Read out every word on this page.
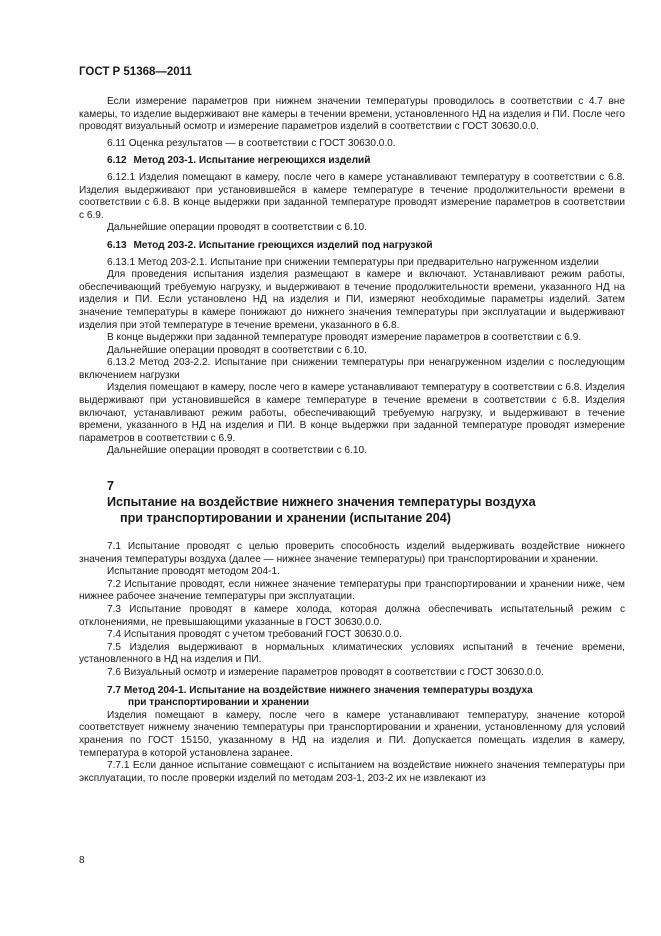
ГОСТ Р 51368—2011

Если измерение параметров при нижнем значении температуры проводилось в соответствии с 4.7 вне камеры, то изделие выдерживают вне камеры в течении времени, установленного НД на изделия и ПИ. После чего проводят визуальный осмотр и измерение параметров изделий в соответствии с ГОСТ 30630.0.0.

6.11 Оценка результатов — в соответствии с ГОСТ 30630.0.0.

6.12 Метод 203-1. Испытание негреющихся изделий

6.12.1 Изделия помещают в камеру, после чего в камере устанавливают температуру в соответствии с 6.8. Изделия выдерживают при установившейся в камере температуре в течение продолжительности времени в соответствии с 6.8. В конце выдержки при заданной температуре проводят измерение параметров в соответствии с 6.9.

Дальнейшие операции проводят в соответствии с 6.10.

6.13 Метод 203-2. Испытание греющихся изделий под нагрузкой

6.13.1 Метод 203-2.1. Испытание при снижении температуры при предварительно нагруженном изделии

Для проведения испытания изделия размещают в камере и включают. Устанавливают режим работы, обеспечивающий требуемую нагрузку, и выдерживают в течение продолжительности времени, указанного НД на изделия и ПИ. Если установлено НД на изделия и ПИ, измеряют необходимые параметры изделий. Затем значение температуры в камере понижают до нижнего значения температуры при эксплуатации и выдерживают изделия при этой температуре в течение времени, указанного в 6.8.

В конце выдержки при заданной температуре проводят измерение параметров в соответствии с 6.9.

Дальнейшие операции проводят в соответствии с 6.10.

6.13.2 Метод 203-2.2. Испытание при снижении температуры при ненагруженном изделии с последующим включением нагрузки

Изделия помещают в камеру, после чего в камере устанавливают температуру в соответствии с 6.8. Изделия выдерживают при установившейся в камере температуре в течение времени в соответствии с 6.8. Изделия включают, устанавливают режим работы, обеспечивающий требуемую нагрузку, и выдерживают в течение времени, указанного в НД на изделия и ПИ. В конце выдержки при заданной температуре проводят измерение параметров в соответствии с 6.9.

Дальнейшие операции проводят в соответствии с 6.10.

7
Испытание на воздействие нижнего значения температуры воздуха
при транспортировании и хранении (испытание 204)

7.1 Испытание проводят с целью проверить способность изделий выдерживать воздействие нижнего значения температуры воздуха (далее — нижнее значение температуры) при транспортировании и хранении.

Испытание проводят методом 204-1.

7.2 Испытание проводят, если нижнее значение температуры при транспортировании и хранении ниже, чем нижнее рабочее значение температуры при эксплуатации.

7.3 Испытание проводят в камере холода, которая должна обеспечивать испытательный режим с отклонениями, не превышающими указанные в ГОСТ 30630.0.0.

7.4 Испытания проводят с учетом требований ГОСТ 30630.0.0.

7.5 Изделия выдерживают в нормальных климатических условиях испытаний в течение времени, установленного в НД на изделия и ПИ.

7.6 Визуальный осмотр и измерение параметров проводят в соответствии с ГОСТ 30630.0.0.

7.7 Метод 204-1. Испытание на воздействие нижнего значения температуры воздуха
при транспортировании и хранении

Изделия помещают в камеру, после чего в камере устанавливают температуру, значение которой соответствует нижнему значению температуры при транспортировании и хранении, установленному для условий хранения по ГОСТ 15150, указанному в НД на изделия и ПИ. Допускается помещать изделия в камеру, температура в которой установлена заранее.

7.7.1 Если данное испытание совмещают с испытанием на воздействие нижнего значения температуры при эксплуатации, то после проверки изделий по методам 203-1, 203-2 их не извлекают из

8
